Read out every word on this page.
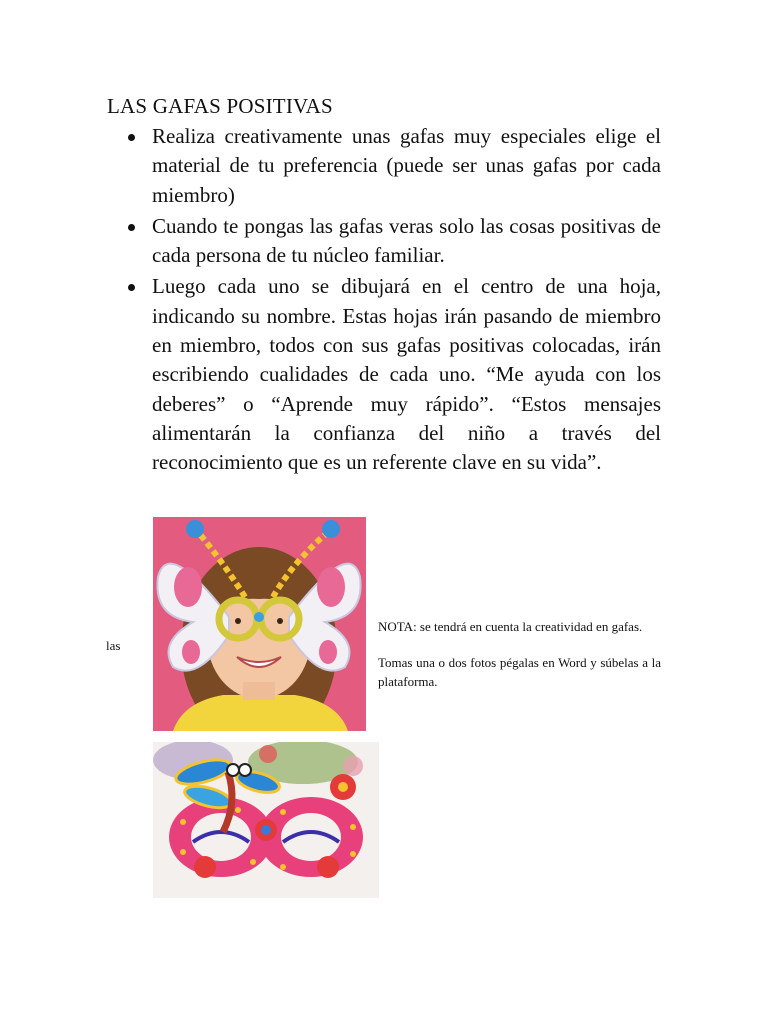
LAS GAFAS POSITIVAS
Realiza creativamente unas gafas muy especiales elige el material de tu preferencia (puede ser unas gafas por cada miembro)
Cuando te pongas las gafas veras solo las cosas positivas de cada persona de tu núcleo familiar.
Luego cada uno se dibujará en el centro de una hoja, indicando su nombre. Estas hojas irán pasando de miembro en miembro, todos con sus gafas positivas colocadas, irán escribiendo cualidades de cada uno. “Me ayuda con los deberes” o “Aprende muy rápido”. “Estos mensajes alimentarán la confianza del niño a través del reconocimiento que es un referente clave en su vida”.
las

NOTA: se tendrá en cuenta la creatividad en gafas.

Tomas una o dos fotos pégalas en Word y súbelas a la plataforma.
